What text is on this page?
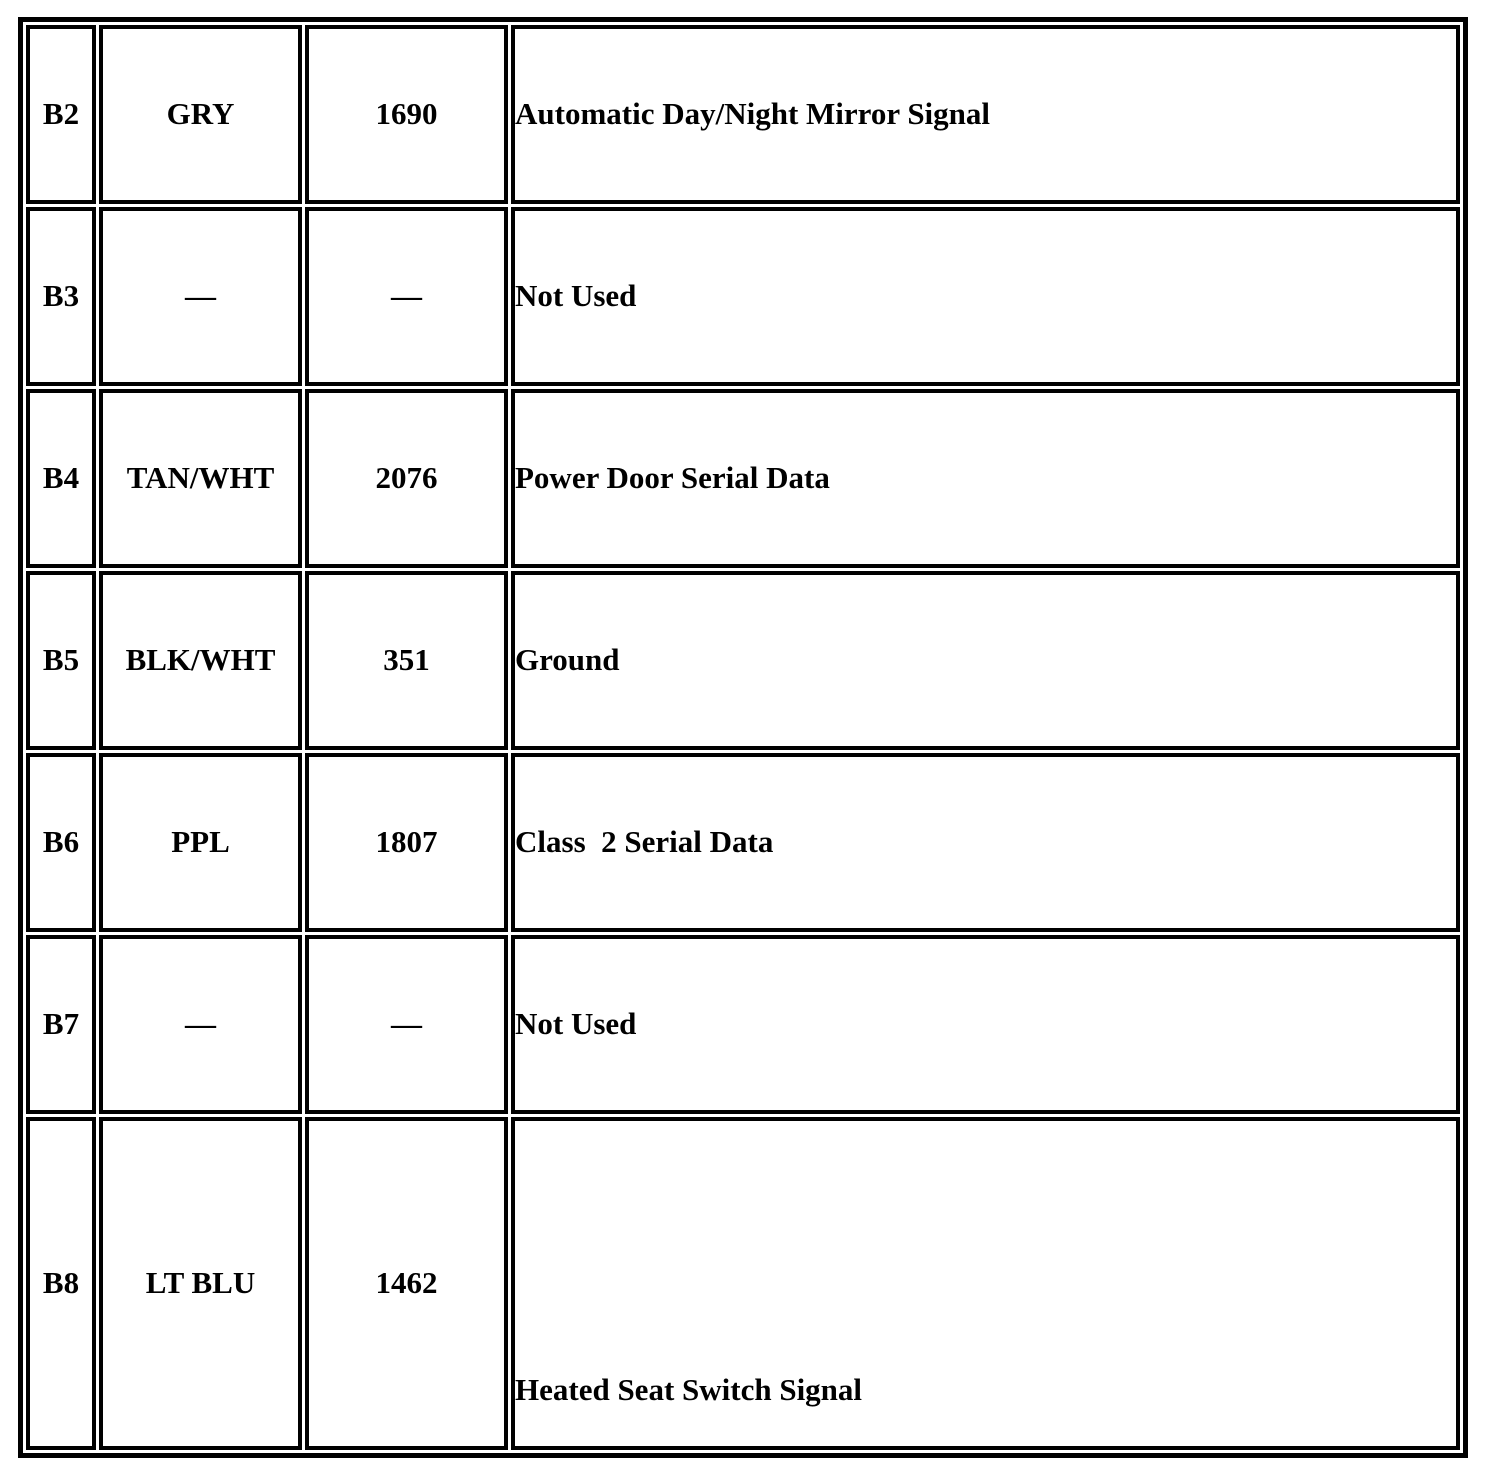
B2	GRY	1690	Automatic Day/Night Mirror Signal
B3	—	—	Not Used
B4	TAN/WHT	2076	Power Door Serial Data
B5	BLK/WHT	351	Ground
B6	PPL	1807	Class  2 Serial Data
B7	—	—	Not Used
B8	LT BLU	1462	Heated Seat Switch Signal
